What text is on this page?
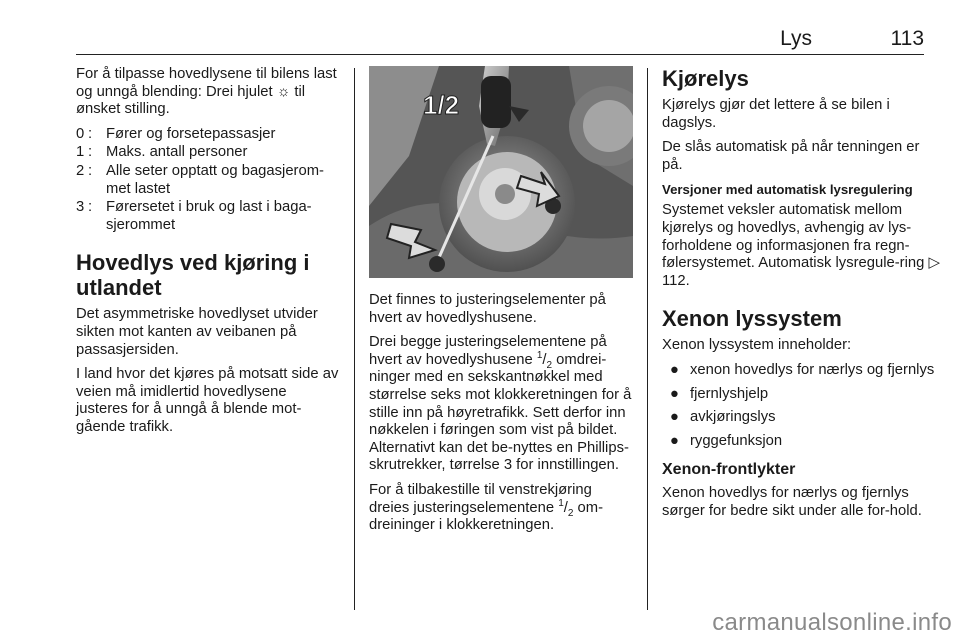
Lys	113

For å tilpasse hovedlysene til bilens last og unngå blending: Drei hjulet ☼ til ønsket stilling.

0 : Fører og forsetepassasjer
1 : Maks. antall personer
2 : Alle seter opptatt og bagasjerom-met lastet
3 : Førersetet i bruk og last i baga-sjerommet
Hovedlys ved kjøring i utlandet

Det asymmetriske hovedlyset utvider sikten mot kanten av veibanen på passasjersiden.

I land hvor det kjøres på motsatt side av veien må imidlertid hovedlysene justeres for å unngå å blende mot-gående trafikk.

1/2

Det finnes to justeringselementer på hvert av hovedlyshusene.

Drei begge justeringselementene på hvert av hovedlyshusene $^1/_2$ omdrei-ninger med en sekskantnøkkel med størrelse seks mot klokkeretningen for å stille inn på høyretrafikk. Sett derfor inn nøkkelen i føringen som vist på bildet. Alternativt kan det be-nyttes en Phillips-skrutrekker, tørrelse 3 for innstillingen.

For å tilbakestille til venstrekjøring dreies justeringselementene $^1/_2$ om-dreininger i klokkeretningen.

Kjørelys

Kjørelys gjør det lettere å se bilen i dagslys.

De slås automatisk på når tenningen er på.

Versjoner med automatisk lysregulering

Systemet veksler automatisk mellom kjørelys og hovedlys, avhengig av lys-forholdene og informasjonen fra regn-følersystemet. Automatisk lysregule-ring ▷ 112.

Xenon lyssystem

Xenon lyssystem inneholder:

● xenon hovedlys for nærlys og fjernlys
● fjernlyshjelp
● avkjøringslys
● ryggefunksjon
Xenon-frontlykter

Xenon hovedlys for nærlys og fjernlys sørger for bedre sikt under alle for-hold.

carmanualsonline.info
